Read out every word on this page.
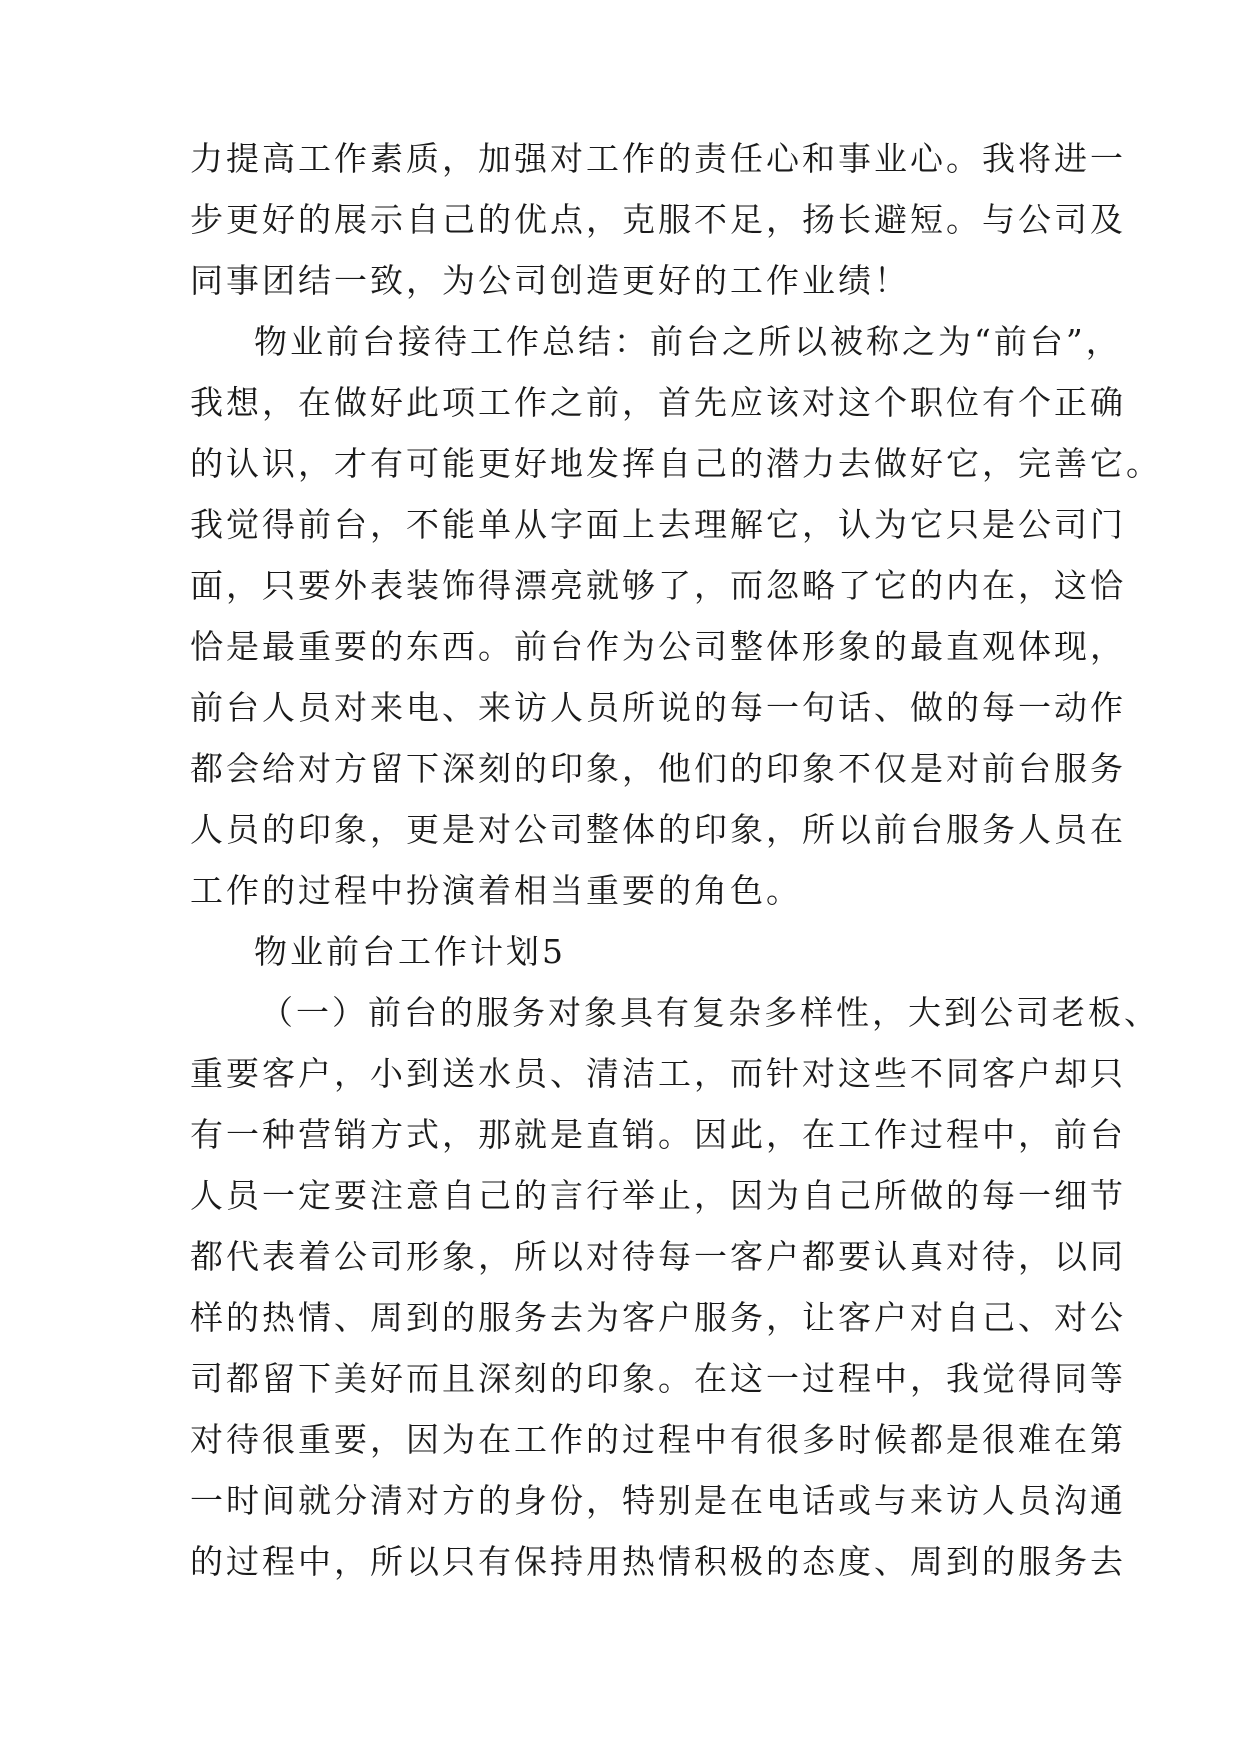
力提高工作素质，加强对工作的责任心和事业心。我将进一
步更好的展示自己的优点，克服不足，扬长避短。与公司及
同事团结一致，为公司创造更好的工作业绩！
物业前台接待工作总结：前台之所以被称之为“前台”，
我想，在做好此项工作之前，首先应该对这个职位有个正确
的认识，才有可能更好地发挥自己的潜力去做好它，完善它。
我觉得前台，不能单从字面上去理解它，认为它只是公司门
面，只要外表装饰得漂亮就够了，而忽略了它的内在，这恰
恰是最重要的东西。前台作为公司整体形象的最直观体现，
前台人员对来电、来访人员所说的每一句话、做的每一动作
都会给对方留下深刻的印象，他们的印象不仅是对前台服务
人员的印象，更是对公司整体的印象，所以前台服务人员在
工作的过程中扮演着相当重要的角色。
物业前台工作计划5
（一）前台的服务对象具有复杂多样性，大到公司老板、
重要客户，小到送水员、清洁工，而针对这些不同客户却只
有一种营销方式，那就是直销。因此，在工作过程中，前台
人员一定要注意自己的言行举止，因为自己所做的每一细节
都代表着公司形象，所以对待每一客户都要认真对待，以同
样的热情、周到的服务去为客户服务，让客户对自己、对公
司都留下美好而且深刻的印象。在这一过程中，我觉得同等
对待很重要，因为在工作的过程中有很多时候都是很难在第
一时间就分清对方的身份，特别是在电话或与来访人员沟通
的过程中，所以只有保持用热情积极的态度、周到的服务去
